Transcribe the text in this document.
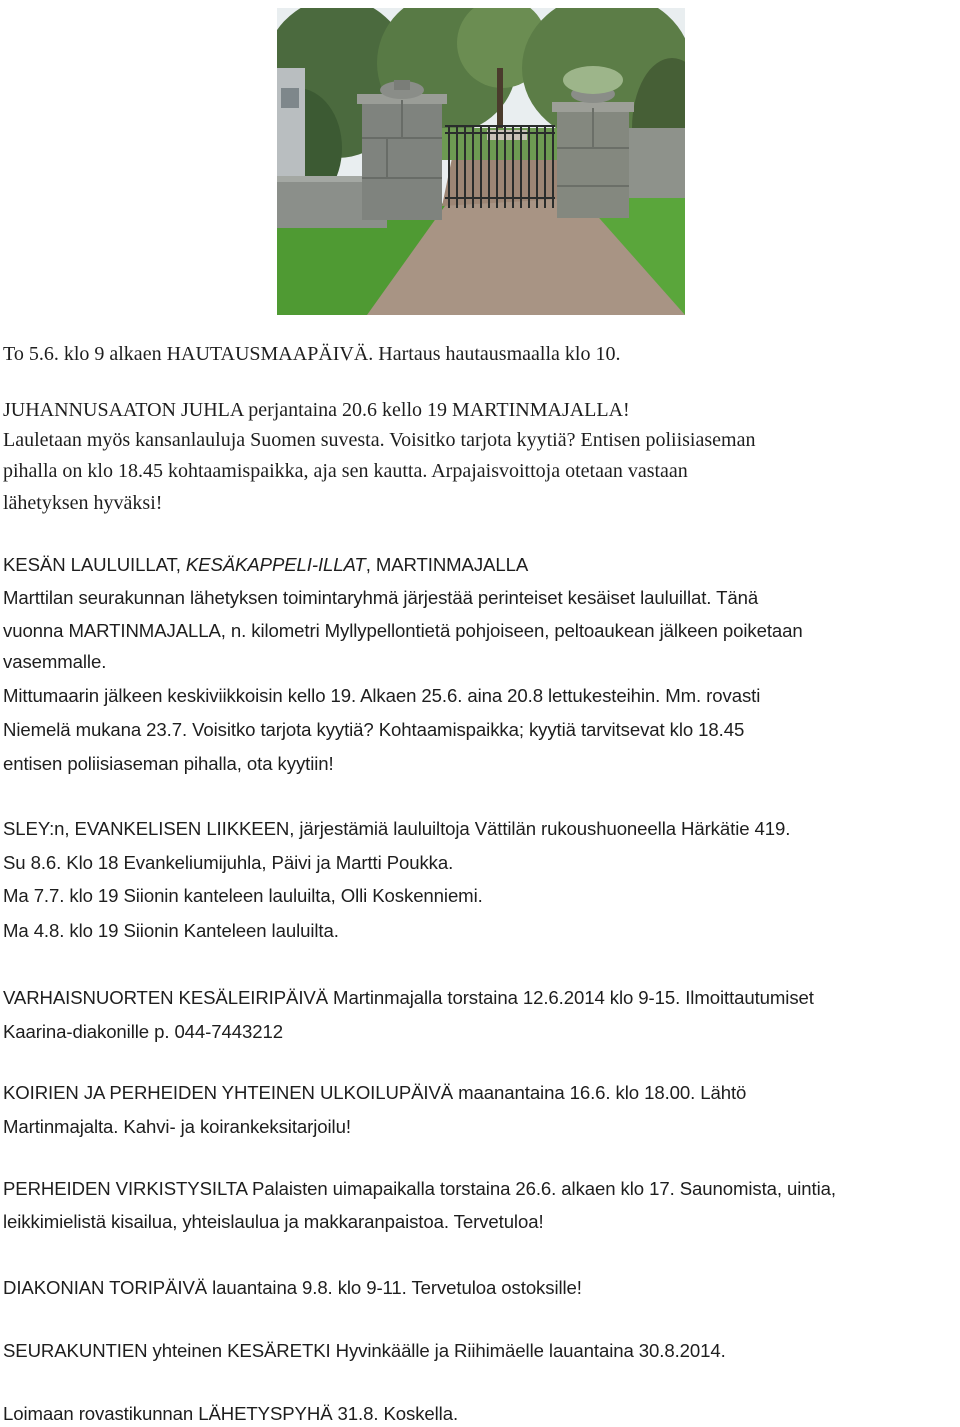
To 5.6. klo 9 alkaen HAUTAUSMAAPÄIVÄ. Hartaus hautausmaalla klo 10.
JUHANNUSAATON JUHLA perjantaina 20.6 kello 19 MARTINMAJALLA!
Lauletaan myös kansanlauluja Suomen suvesta. Voisitko tarjota kyytiä? Entisen poliisiaseman
pihalla on klo 18.45 kohtaamispaikka, aja sen kautta. Arpajaisvoittoja otetaan vastaan
lähetyksen hyväksi!
KESÄN LAULUILLAT, KESÄKAPPELI-ILLAT, MARTINMAJALLA
Marttilan seurakunnan lähetyksen toimintaryhmä järjestää perinteiset kesäiset lauluillat. Tänä
vuonna MARTINMAJALLA, n. kilometri Myllypellontietä pohjoiseen, peltoaukean jälkeen poiketaan
vasemmalle.
Mittumaarin jälkeen keskiviikkoisin kello 19. Alkaen 25.6. aina 20.8 lettukesteihin. Mm. rovasti
Niemelä mukana 23.7. Voisitko tarjota kyytiä? Kohtaamispaikka; kyytiä tarvitsevat klo 18.45
entisen poliisiaseman pihalla, ota kyytiin!
SLEY:n, EVANKELISEN LIIKKEEN, järjestämiä lauluiltoja Vättilän rukoushuoneella Härkätie 419.
Su 8.6. Klo 18 Evankeliumijuhla, Päivi ja Martti Poukka.
Ma 7.7. klo 19 Siionin kanteleen lauluilta, Olli Koskenniemi.
Ma 4.8. klo 19 Siionin Kanteleen lauluilta.
VARHAISNUORTEN KESÄLEIRIPÄIVÄ Martinmajalla torstaina 12.6.2014 klo 9-15. Ilmoittautumiset
Kaarina-diakonille p. 044-7443212
KOIRIEN JA PERHEIDEN YHTEINEN ULKOILUPÄIVÄ maanantaina 16.6. klo 18.00. Lähtö
Martinmajalta. Kahvi- ja koirankeksitarjoilu!
PERHEIDEN VIRKISTYSILTA Palaisten uimapaikalla torstaina 26.6. alkaen klo 17. Saunomista, uintia,
leikkimielistä kisailua, yhteislaulua ja makkaranpaistoa. Tervetuloa!
DIAKONIAN TORIPÄIVÄ lauantaina 9.8. klo 9-11. Tervetuloa ostoksille!
SEURAKUNTIEN yhteinen KESÄRETKI Hyvinkäälle ja Riihimäelle lauantaina 30.8.2014.
Loimaan rovastikunnan LÄHETYSPYHÄ 31.8. Koskella.
